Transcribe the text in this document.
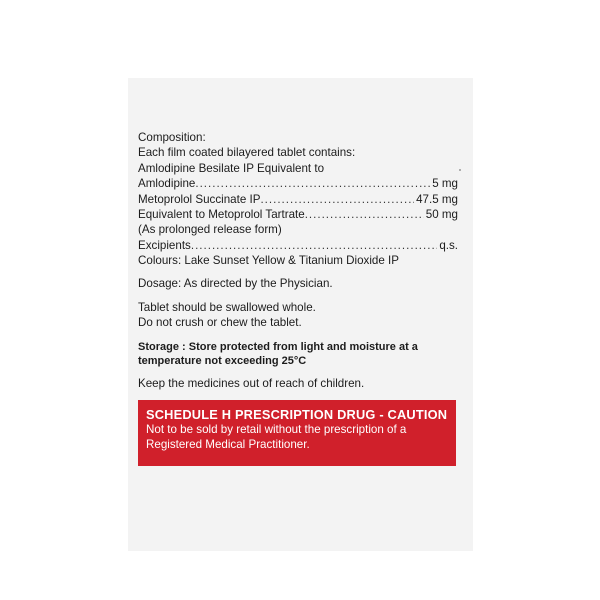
Composition:
Each film coated bilayered tablet contains:
Amlodipine Besilate IP Equivalent to
Amlodipine .....	5 mg
Metoprolol Succinate IP .....	47.5 mg
Equivalent to Metoprolol Tartrate .....	50 mg
(As prolonged release form)
Excipients .....	q.s.
Colours: Lake Sunset Yellow & Titanium Dioxide IP
Dosage: As directed by the Physician.
Tablet should be swallowed whole.
Do not crush or chew the tablet.
Storage : Store protected from light and moisture at a
temperature not exceeding 25°C
Keep the medicines out of reach of children.
SCHEDULE H PRESCRIPTION DRUG - CAUTION
Not to be sold by retail without the prescription of a
Registered Medical Practitioner.
